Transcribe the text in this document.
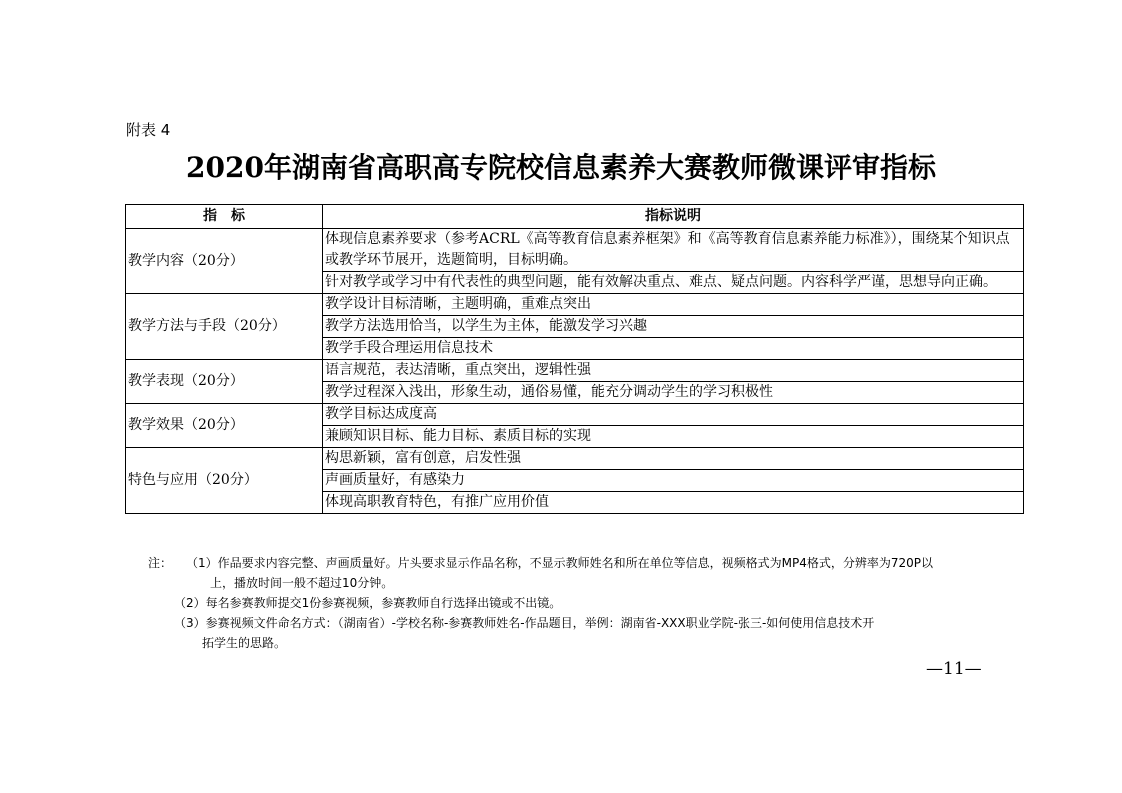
附表 4
2020年湖南省高职高专院校信息素养大赛教师微课评审指标
指　标	指标说明
教学内容（20分）	体现信息素养要求（参考ACRL《高等教育信息素养框架》和《高等教育信息素养能力标准》），围绕某个知识点或教学环节展开，选题简明，目标明确。
	针对教学或学习中有代表性的典型问题，能有效解决重点、难点、疑点问题。内容科学严谨，思想导向正确。
教学方法与手段（20分）	教学设计目标清晰，主题明确，重难点突出
	教学方法选用恰当，以学生为主体，能激发学习兴趣
	教学手段合理运用信息技术
教学表现（20分）	语言规范，表达清晰，重点突出，逻辑性强
	教学过程深入浅出，形象生动，通俗易懂，能充分调动学生的学习积极性
教学效果（20分）	教学目标达成度高
	兼顾知识目标、能力目标、素质目标的实现
特色与应用（20分）	构思新颖，富有创意，启发性强
	声画质量好，有感染力
	体现高职教育特色，有推广应用价值
注： （1）作品要求内容完整、声画质量好。片头要求显示作品名称，不显示教师姓名和所在单位等信息，视频格式为MP4格式，分辨率为720P以
上，播放时间一般不超过10分钟。
（2）每名参赛教师提交1份参赛视频，参赛教师自行选择出镜或不出镜。
（3）参赛视频文件命名方式：（湖南省）-学校名称-参赛教师姓名-作品题目，举例：湖南省-XXX职业学院-张三-如何使用信息技术开
拓学生的思路。
—11—
